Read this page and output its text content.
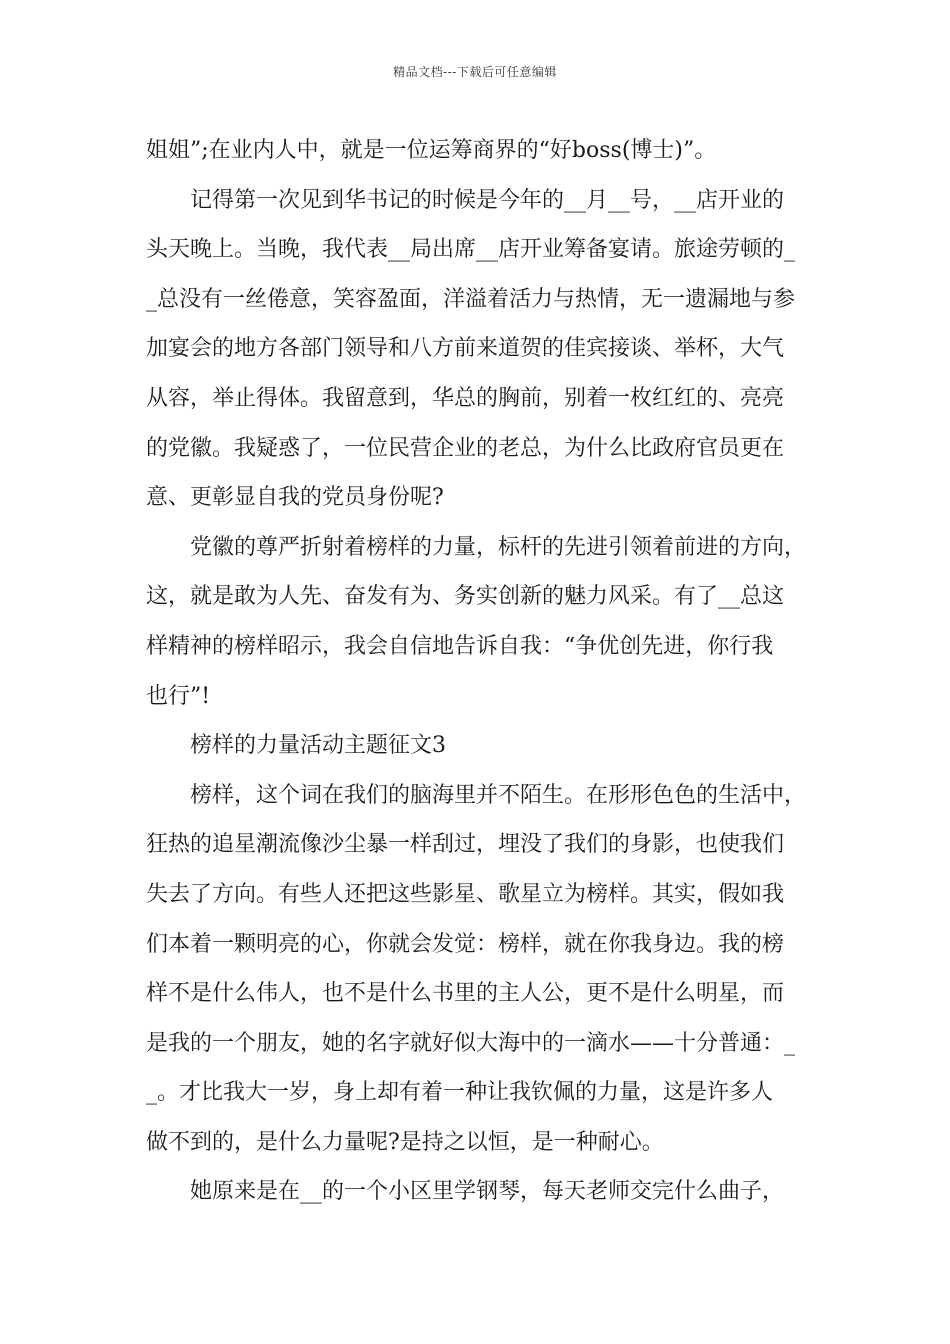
精品文档---下载后可任意编辑
姐姐”;在业内人中，就是一位运筹商界的“好boss(博士)”。
记得第一次见到华书记的时候是今年的__月__号，__店开业的
头天晚上。当晚，我代表__局出席__店开业筹备宴请。旅途劳顿的_
_总没有一丝倦意，笑容盈面，洋溢着活力与热情，无一遗漏地与参
加宴会的地方各部门领导和八方前来道贺的佳宾接谈、举杯，大气
从容，举止得体。我留意到，华总的胸前，别着一枚红红的、亮亮
的党徽。我疑惑了，一位民营企业的老总，为什么比政府官员更在
意、更彰显自我的党员身份呢?
党徽的尊严折射着榜样的力量，标杆的先进引领着前进的方向，
这，就是敢为人先、奋发有为、务实创新的魅力风采。有了__总这
样精神的榜样昭示，我会自信地告诉自我：“争优创先进，你行我
也行”!
榜样的力量活动主题征文3
榜样，这个词在我们的脑海里并不陌生。在形形色色的生活中，
狂热的追星潮流像沙尘暴一样刮过，埋没了我们的身影，也使我们
失去了方向。有些人还把这些影星、歌星立为榜样。其实，假如我
们本着一颗明亮的心，你就会发觉：榜样，就在你我身边。我的榜
样不是什么伟人，也不是什么书里的主人公，更不是什么明星，而
是我的一个朋友，她的名字就好似大海中的一滴水——十分普通：_
_。才比我大一岁，身上却有着一种让我钦佩的力量，这是许多人
做不到的，是什么力量呢?是持之以恒，是一种耐心。
她原来是在__的一个小区里学钢琴，每天老师交完什么曲子，
